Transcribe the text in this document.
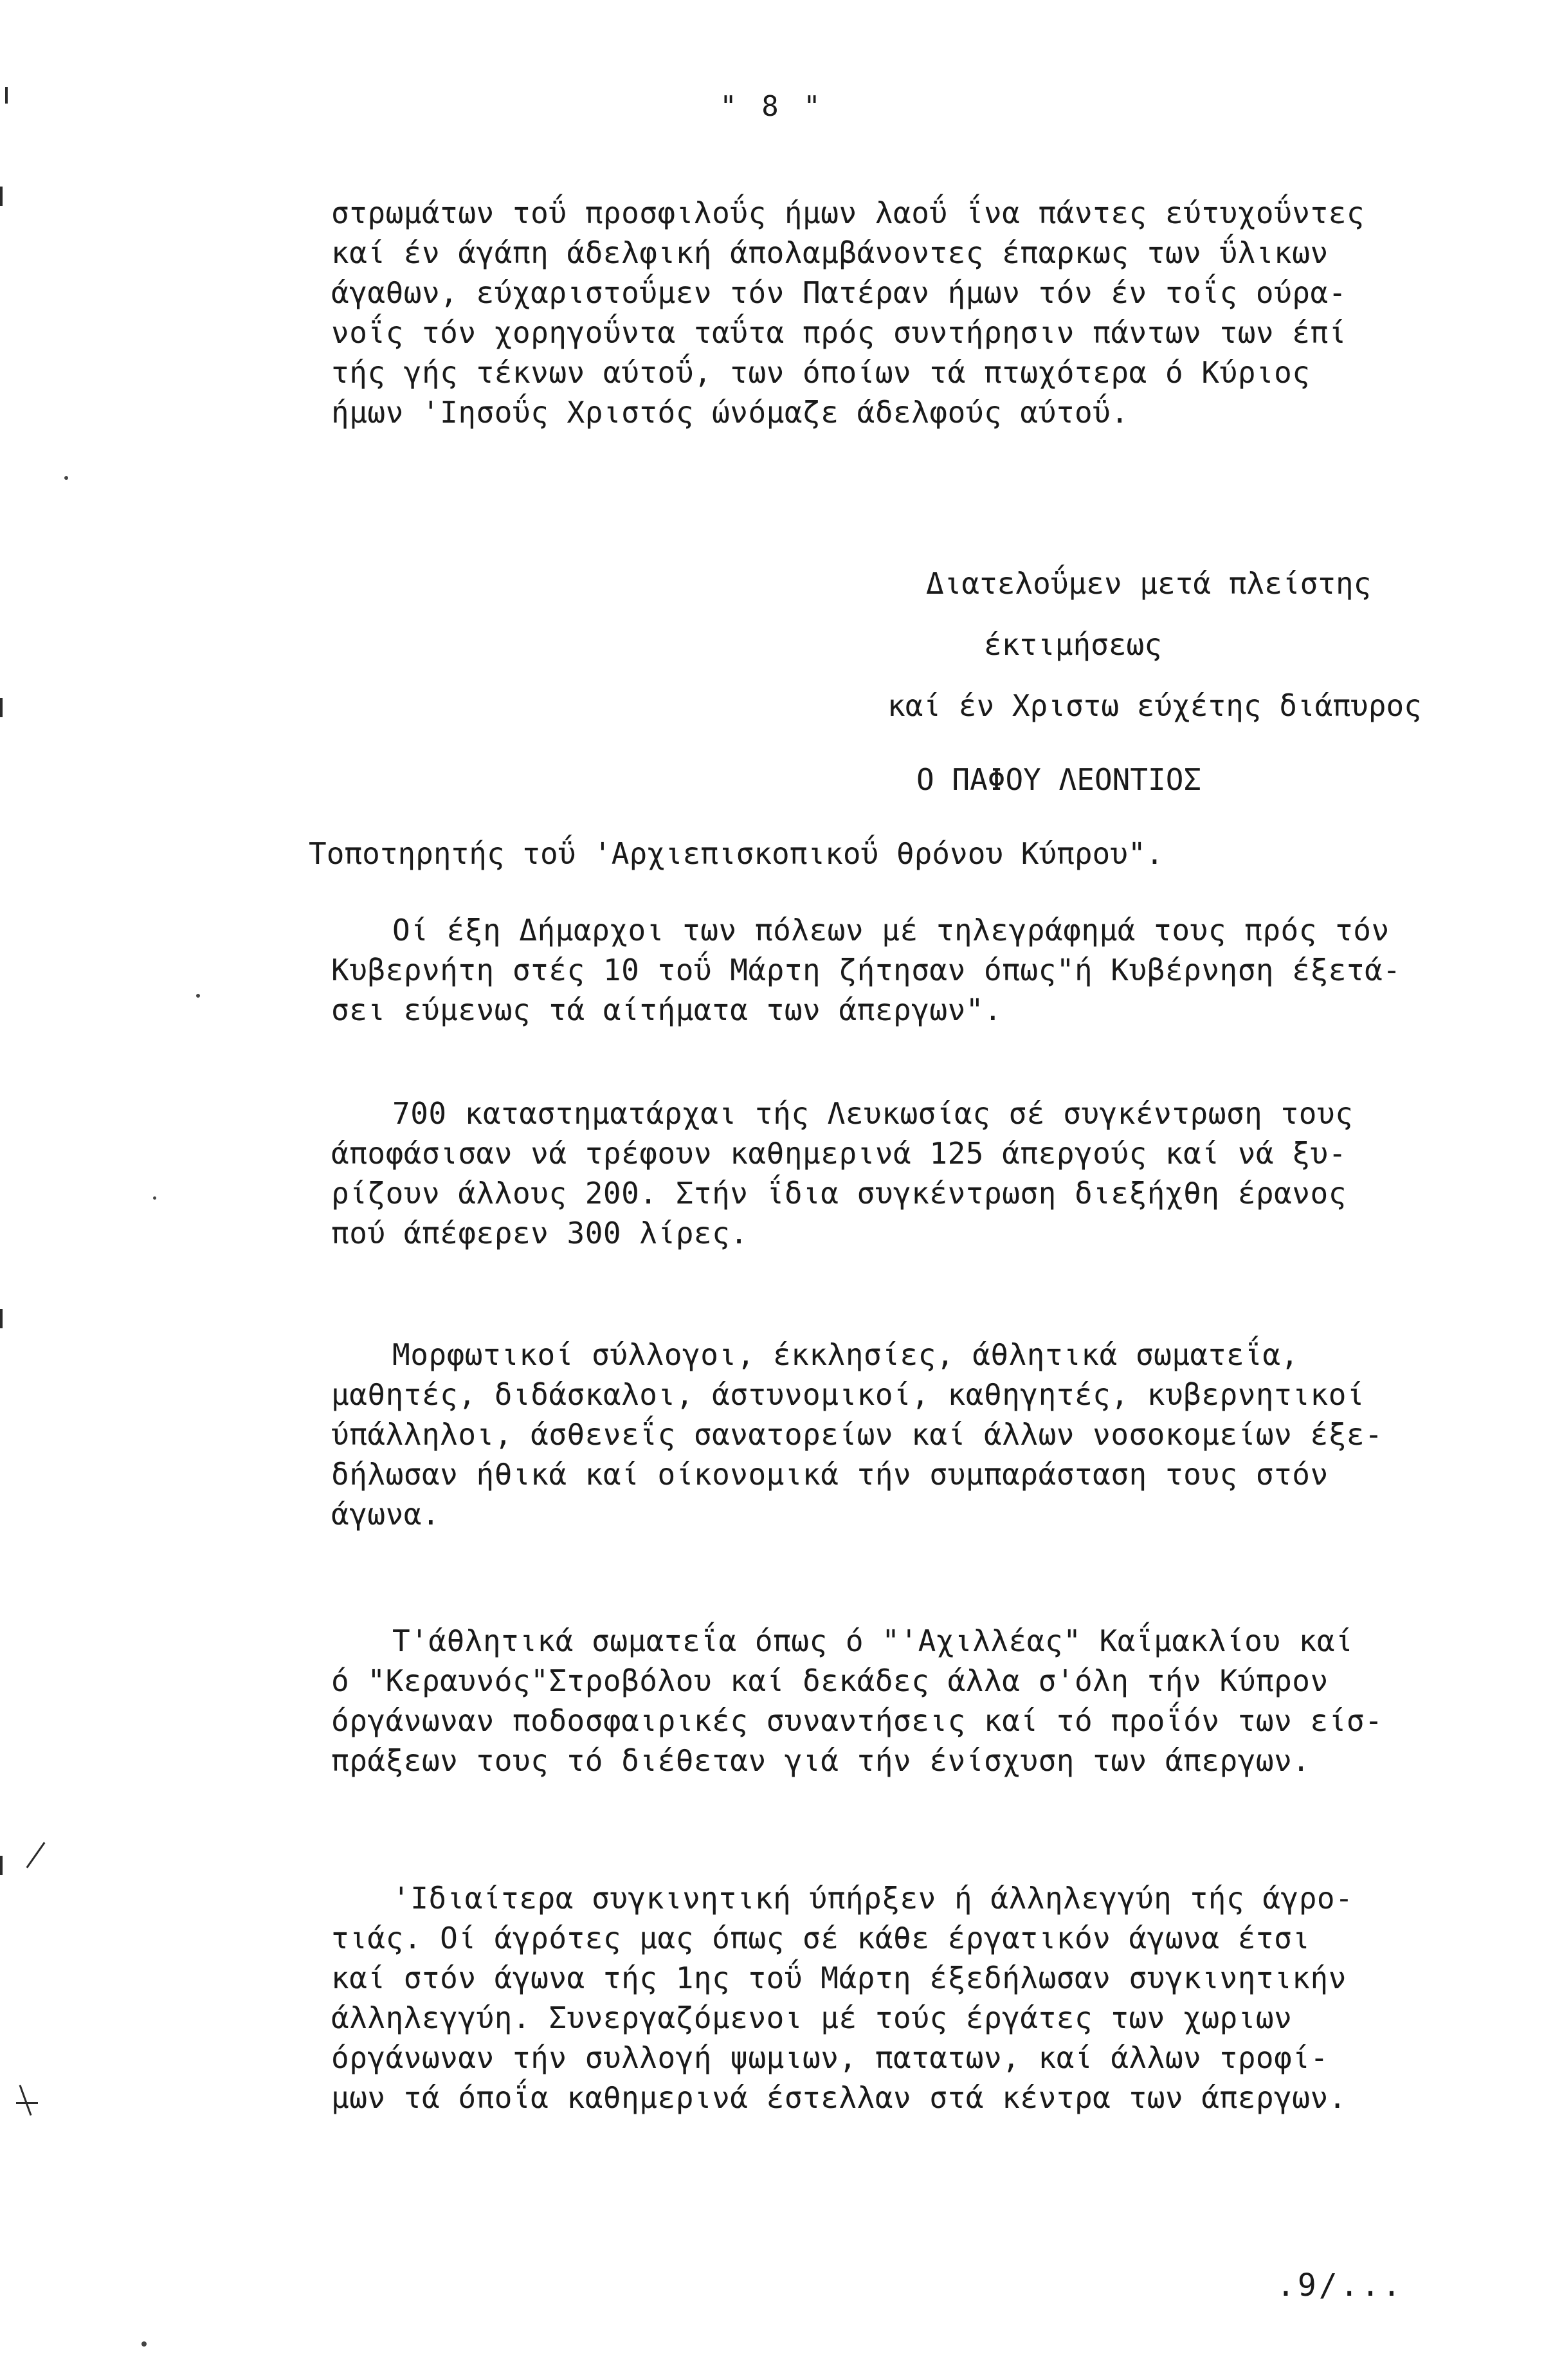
" 8 "
στρωμάτων τοΰ προσφιλοΰς ήμων λαοΰ ΐνα πάντες εύτυχοΰντες
καί έν άγάπη άδελφική άπολαμβάνοντες έπαρκως των ΰλικων
άγαθων, εύχαριστοΰμεν τόν Πατέραν ήμων τόν έν τοΐς ούρα-
νοΐς τόν χορηγοΰντα ταΰτα πρός συντήρησιν πάντων των έπί
τής γής τέκνων αύτοΰ, των όποίων τά πτωχότερα ό Κύριος
ήμων 'Ιησοΰς Χριστός ώνόμαζε άδελφούς αύτοΰ.
Διατελοΰμεν μετά πλείστης
έκτιμήσεως
καί έν Χριστω εύχέτης διάπυρος
Ο ΠΑΦΟΥ ΛΕΟΝΤΙΟΣ
Τοποτηρητής τοΰ 'Αρχιεπισκοπικοΰ θρόνου Κύπρου".
Οί έξη Δήμαρχοι των πόλεων μέ τηλεγράφημά τους πρός τόν
Κυβερνήτη στές 10 τοΰ Μάρτη ζήτησαν όπως"ή Κυβέρνηση έξετά-
σει εύμενως τά αίτήματα των άπεργων".
700 καταστηματάρχαι τής Λευκωσίας σέ συγκέντρωση τους
άποφάσισαν νά τρέφουν καθημερινά 125 άπεργούς καί νά ξυ-
ρίζουν άλλους 200. Στήν ΐδια συγκέντρωση διεξήχθη έρανος
πού άπέφερεν 300 λίρες.
Μορφωτικοί σύλλογοι, έκκλησίες, άθλητικά σωματεΐα,
μαθητές, διδάσκαλοι, άστυνομικοί, καθηγητές, κυβερνητικοί
ύπάλληλοι, άσθενεΐς σανατορείων καί άλλων νοσοκομείων έξε-
δήλωσαν ήθικά καί οίκονομικά τήν συμπαράσταση τους στόν
άγωνα.
Τ'άθλητικά σωματεΐα όπως ό "'Αχιλλέας" Καΐμακλίου καί
ό "Κεραυνός"Στροβόλου καί δεκάδες άλλα σ'όλη τήν Κύπρον
όργάνωναν ποδοσφαιρικές συναντήσεις καί τό προΐόν των είσ-
πράξεων τους τό διέθεταν γιά τήν ένίσχυση των άπεργων.
'Ιδιαίτερα συγκινητική ύπήρξεν ή άλληλεγγύη τής άγρο-
τιάς. Οί άγρότες μας όπως σέ κάθε έργατικόν άγωνα έτσι
καί στόν άγωνα τής 1ης τοΰ Μάρτη έξεδήλωσαν συγκινητικήν
άλληλεγγύη. Συνεργαζόμενοι μέ τούς έργάτες των χωριων
όργάνωναν τήν συλλογή ψωμιων, πατατων, καί άλλων τροφί-
μων τά όποΐα καθημερινά έστελλαν στά κέντρα των άπεργων.
.9/...
